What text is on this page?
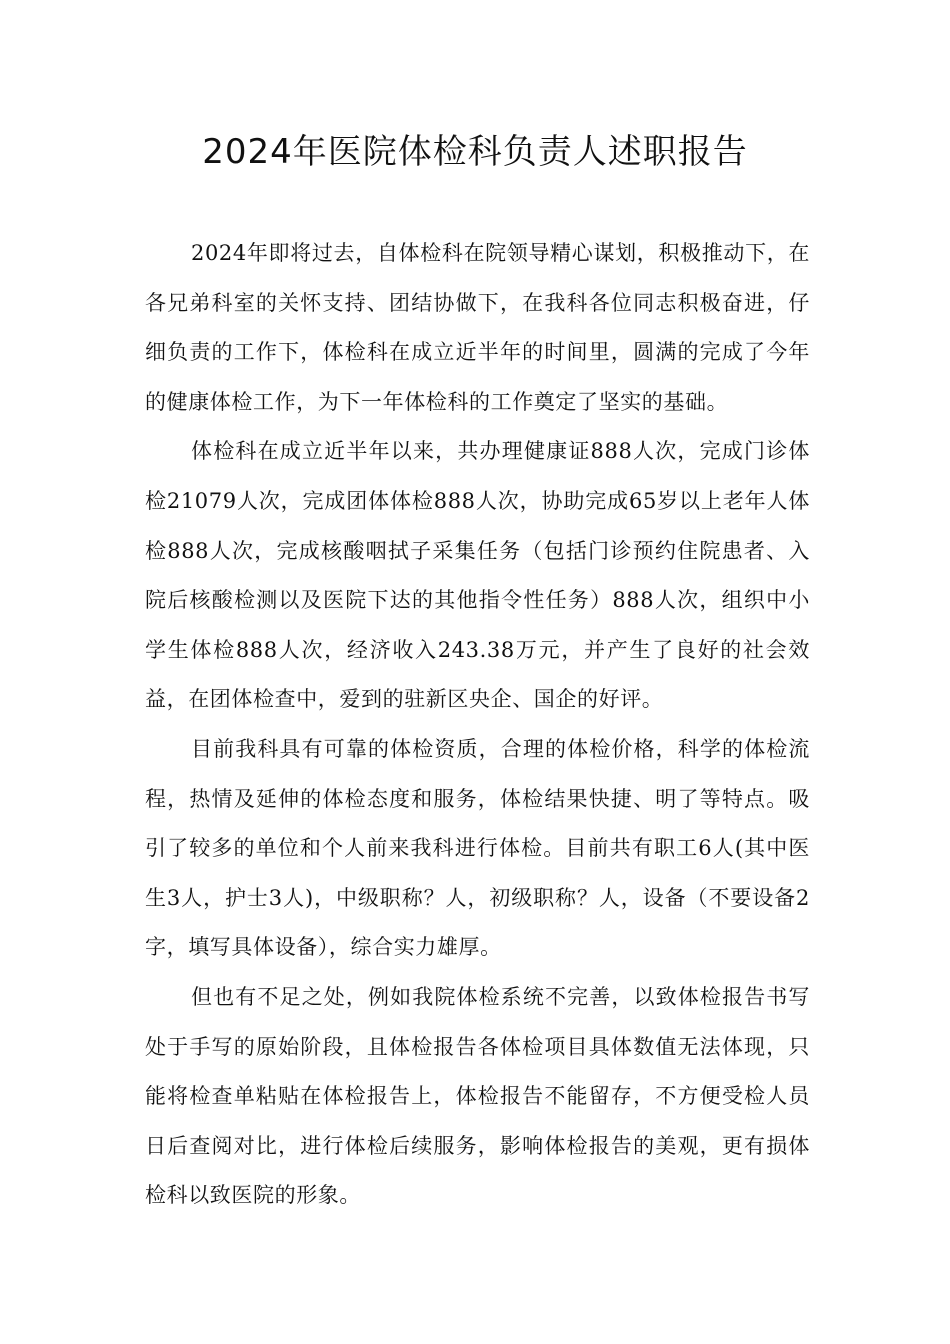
2024年医院体检科负责人述职报告

2024年即将过去，自体检科在院领导精心谋划，积极推动下，在各兄弟科室的关怀支持、团结协做下，在我科各位同志积极奋进，仔细负责的工作下，体检科在成立近半年的时间里，圆满的完成了今年的健康体检工作，为下一年体检科的工作奠定了坚实的基础。

体检科在成立近半年以来，共办理健康证888人次，完成门诊体检21079人次，完成团体体检888人次，协助完成65岁以上老年人体检888人次，完成核酸咽拭子采集任务（包括门诊预约住院患者、入院后核酸检测以及医院下达的其他指令性任务）888人次，组织中小学生体检888人次，经济收入243.38万元，并产生了良好的社会效益，在团体检查中，爱到的驻新区央企、国企的好评。

目前我科具有可靠的体检资质，合理的体检价格，科学的体检流程，热情及延伸的体检态度和服务，体检结果快捷、明了等特点。吸引了较多的单位和个人前来我科进行体检。目前共有职工6人(其中医生3人，护士3人)，中级职称？人，初级职称？人，设备（不要设备2字，填写具体设备），综合实力雄厚。

但也有不足之处，例如我院体检系统不完善，以致体检报告书写处于手写的原始阶段，且体检报告各体检项目具体数值无法体现，只能将检查单粘贴在体检报告上，体检报告不能留存，不方便受检人员日后查阅对比，进行体检后续服务，影响体检报告的美观，更有损体检科以致医院的形象。
